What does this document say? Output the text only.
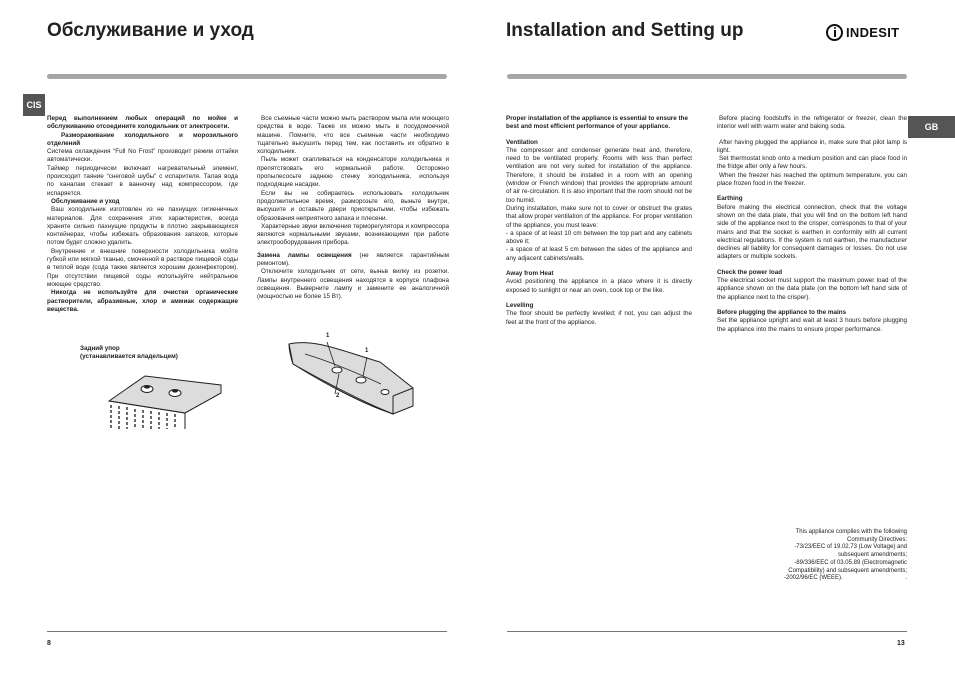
Обслуживание и уход
CIS

Перед выполнением любых операций по мойке и обслуживанию отсоедините холодильник от электросети.

Размораживание холодильного и морозильного отделений

Система охлаждения “Full No Frost” производит режим оттайки автоматически.

Таймер периодически включает нагревательный элемент, происходит таяние “снеговой шубы” с испарителя. Талая вода по каналам стекает в ванночку над компрессором, где испаряется.

Обслуживание и уход

Ваш холодильник изготовлен из не пахнущих гигиеничных материалов. Для сохранения этих характеристик, всегда храните сильно пахнущие продукты в плотно закрывающихся контейнерах, чтобы избежать образования запахов, которые потом будет сложно удалить.

Внутренние и внешние поверхности холодильника мойте губкой или мягкой тканью, смоченной в растворе пищевой соды в теплой воде (сода также является хорошим дезинфектором). При отсутствии пищевой соды используйте нейтральное моющее средство.

Никогда не используйте для очистки органические растворители, абразивные, хлор и аммиак содержащие вещества.

Все съемные части можно мыть раствором мыла или моющего средства в воде. Также их можно мыть в посудомоечной машине. Помните, что все съемные части необходимо тщательно высушить перед тем, как поставить их обратно в холодильник.

Пыль может скапливаться на конденсаторе холодильника и препятствовать его нормальной работе. Осторожно пропылесосьте заднюю стенку холодильника, используя подходящие насадки.

Если вы не собираетесь использовать холодильник продолжительное время, разморозьте его, выньте внутри, высушите и оставьте двери приоткрытыми, чтобы избежать образования неприятного запаха и плесени.

Характерные звуки включения терморегулятора и компрессора являются нормальными звуками, возникающими при работе электрооборудования прибора.

Замена лампы освещения (не является гарантийным ремонтом).

Отключите холодильник от сети, выньв вилку из розетки. Лампы внутреннего освещения находятся в корпусе плафона освещения. Выверните лампу и замените ее аналогичной (мощностью не более 15 Вт).

Задний упор
(устанавливается владельцем)
1
1
2
8
Installation and Setting up	INDESIT
GB

Proper installation of the appliance is essential to ensure the best and most efficient performance of your appliance.

Ventilation

The compressor and condenser generate heat and, therefore, need to be ventilated properly. Rooms with less than perfect ventilation are not very suited for installation of the appliance. Therefore, it should be installed in a room with an opening (window or French window) that provides the appropriate amount of air re-circulation. It is also important that the room should not be too humid.

During installation, make sure not to cover or obstruct the grates that allow proper ventilation of the appliance. For proper ventilation of the appliance, you must leave:

- a space of at least 10 cm between the top part and any cabinets above it;

- a space of at least 5 cm between the sides of the appliance and any adjacent cabinets/walls.

Away from Heat

Avoid positioning the appliance in a place where it is directly exposed to sunlight or near an oven, cook top or the like.

Levelling

The floor should be perfectly levelled; if not, you can adjust the feet at the front of the appliance.

Before placing foodstuffs in the refrigerator or freezer, clean the interior well with warm water and baking soda.

After having plugged the appliance in, make sure that pilot lamp is light.

Set thermostat knob onto a medium position and can place food in the fridge after only a few hours.

When the freezer has reached the optimum temperature, you can place frozen food in the freezer.

Earthing

Before making the electrical connection, check that the voltage shown on the data plate, that you will find on the bottom left hand side of the appliance next to the crisper, corresponds to that of your mains and that the socket is earthen in conformity with all current electrical regulations. If the system is not earthen, the manufacturer declines all liability for consequent damages or losses. Do not use adapters or multiple sockets.

Check the power load

The electrical socket must support the maximum power load of the appliance shown on the data plate (on the bottom left hand side of the appliance next to the crisper).

Before plugging the appliance to the mains

Set the appliance upright and wait at least 3 hours before plugging the appliance into the mains to ensure proper performance.

This appliance complies with the following
Community Directives:
-73/23/EEC of 19.02.73 (Low Voltage) and
subsequent amendments;
-89/336/EEC of 03.05.89 (Electromagnetic
Compatibility) and subsequent amendments;
-2002/96/EC (WEEE).	.
13
